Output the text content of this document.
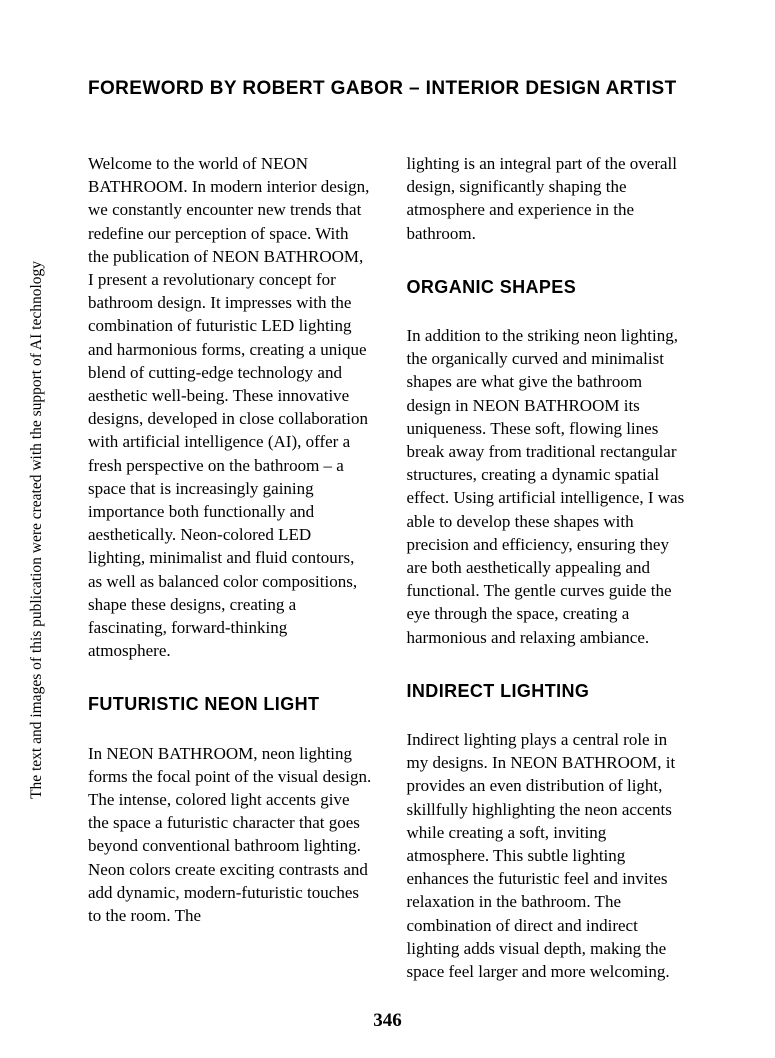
FOREWORD BY ROBERT GABOR – INTERIOR DESIGN ARTIST
The text and images of this publication were created with the support of AI technology

Welcome to the world of NEON BATHROOM. In modern interior design, we constantly encounter new trends that redefine our perception of space. With the publication of NEON BATHROOM, I present a revolutionary concept for bathroom design. It impresses with the combination of futuristic LED lighting and harmonious forms, creating a unique blend of cutting-edge technology and aesthetic well-being. These innovative designs, developed in close collaboration with artificial intelligence (AI), offer a fresh perspective on the bathroom – a space that is increasingly gaining importance both functionally and aesthetically. Neon-colored LED lighting, minimalist and fluid contours, as well as balanced color compositions, shape these designs, creating a fascinating, forward-thinking atmosphere.

FUTURISTIC NEON LIGHT

In NEON BATHROOM, neon lighting forms the focal point of the visual design. The intense, colored light accents give the space a futuristic character that goes beyond conventional bathroom lighting. Neon colors create exciting contrasts and add dynamic, modern-futuristic touches to the room. The

lighting is an integral part of the overall design, significantly shaping the atmosphere and experience in the bathroom.

ORGANIC SHAPES

In addition to the striking neon lighting, the organically curved and minimalist shapes are what give the bathroom design in NEON BATHROOM its uniqueness. These soft, flowing lines break away from traditional rectangular structures, creating a dynamic spatial effect. Using artificial intelligence, I was able to develop these shapes with precision and efficiency, ensuring they are both aesthetically appealing and functional. The gentle curves guide the eye through the space, creating a harmonious and relaxing ambiance.

INDIRECT LIGHTING

Indirect lighting plays a central role in my designs. In NEON BATHROOM, it provides an even distribution of light, skillfully highlighting the neon accents while creating a soft, inviting atmosphere. This subtle lighting enhances the futuristic feel and invites relaxation in the bathroom. The combination of direct and indirect lighting adds visual depth, making the space feel larger and more welcoming.

346
